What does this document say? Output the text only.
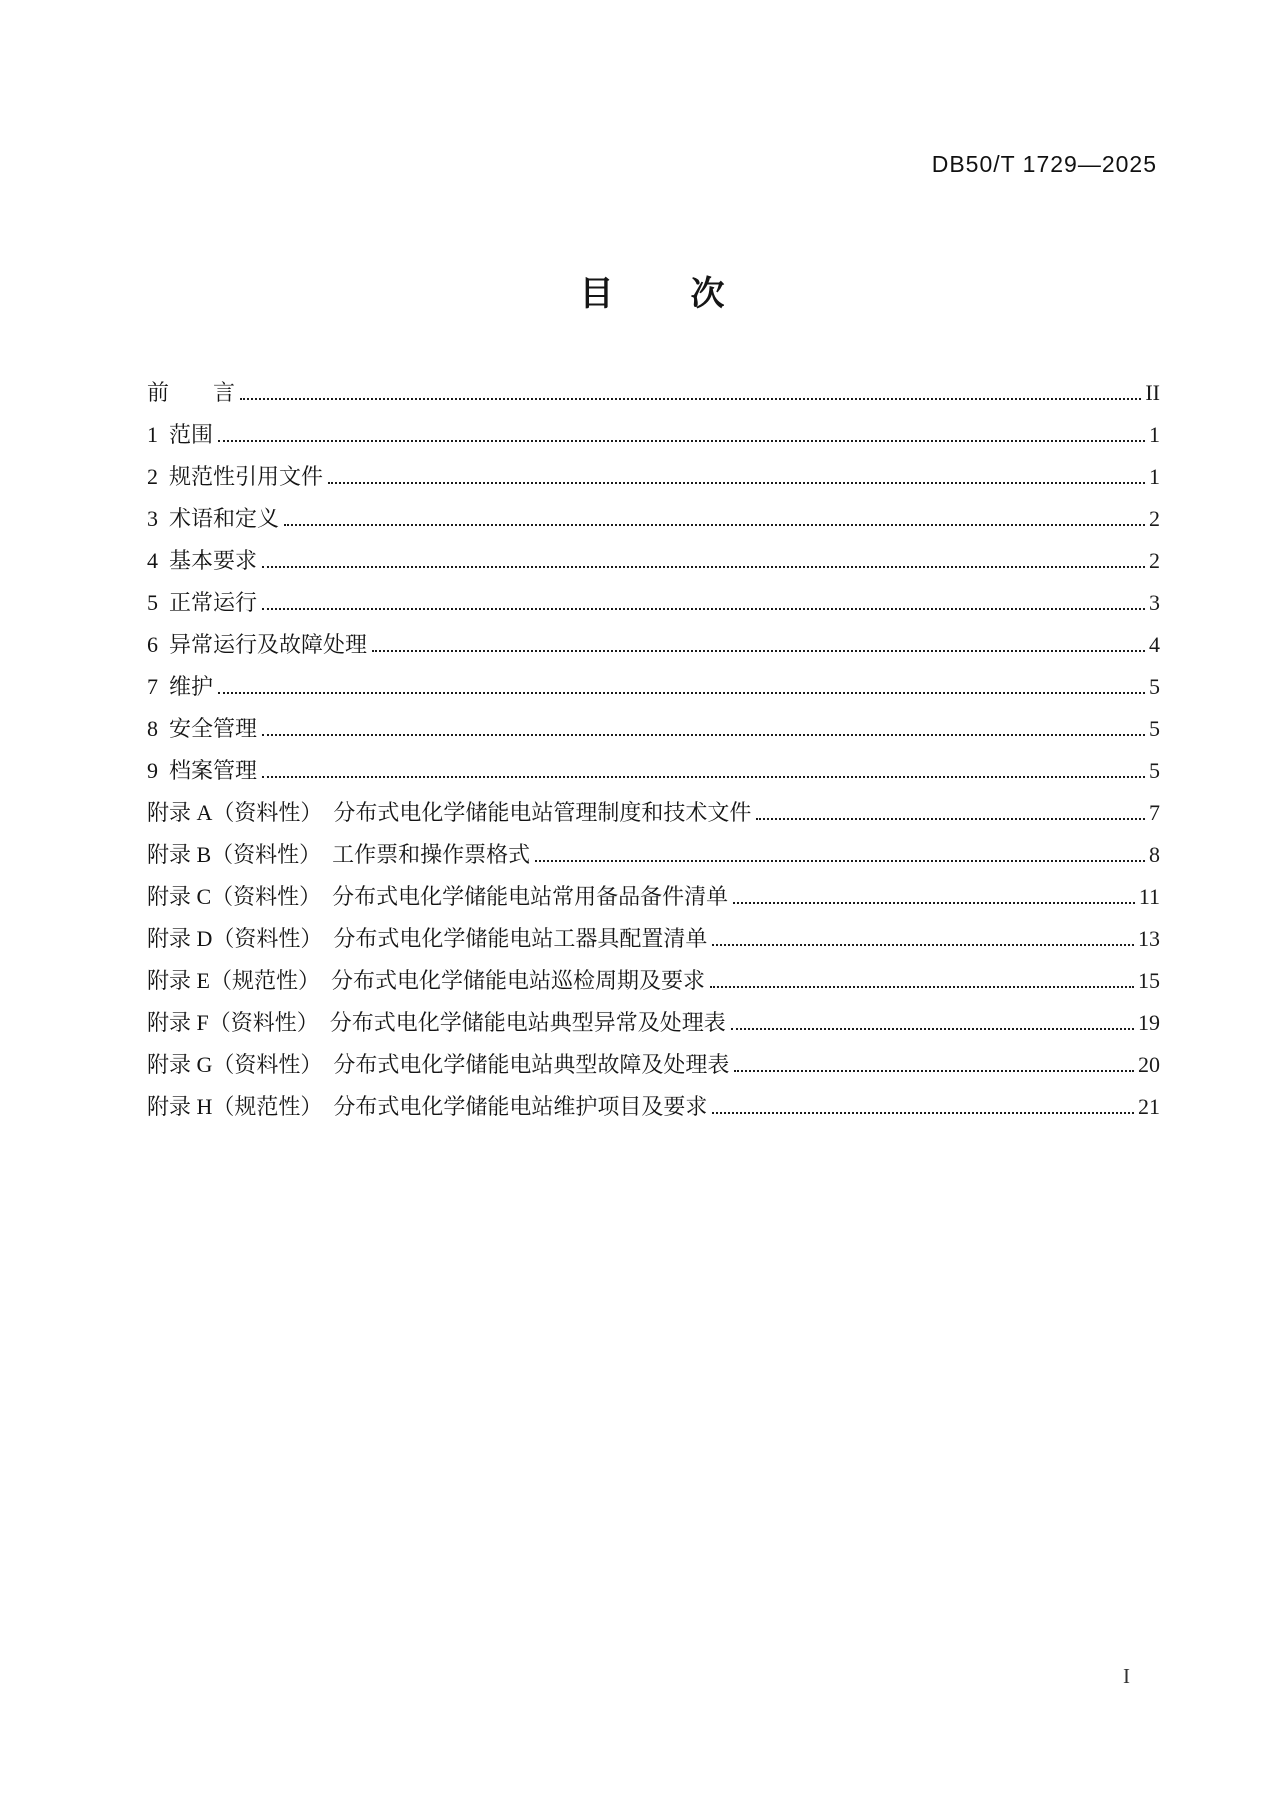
DB50/T 1729—2025
目　　次
前　　言	II
1  范围	1
2  规范性引用文件	1
3  术语和定义	2
4  基本要求	2
5  正常运行	3
6  异常运行及故障处理	4
7  维护	5
8  安全管理	5
9  档案管理	5
附录 A（资料性）　分布式电化学储能电站管理制度和技术文件	7
附录 B（资料性）　工作票和操作票格式	8
附录 C（资料性）　分布式电化学储能电站常用备品备件清单	11
附录 D（资料性）　分布式电化学储能电站工器具配置清单	13
附录 E（规范性）　分布式电化学储能电站巡检周期及要求	15
附录 F（资料性）　分布式电化学储能电站典型异常及处理表	19
附录 G（资料性）　分布式电化学储能电站典型故障及处理表	20
附录 H（规范性）　分布式电化学储能电站维护项目及要求	21
I
